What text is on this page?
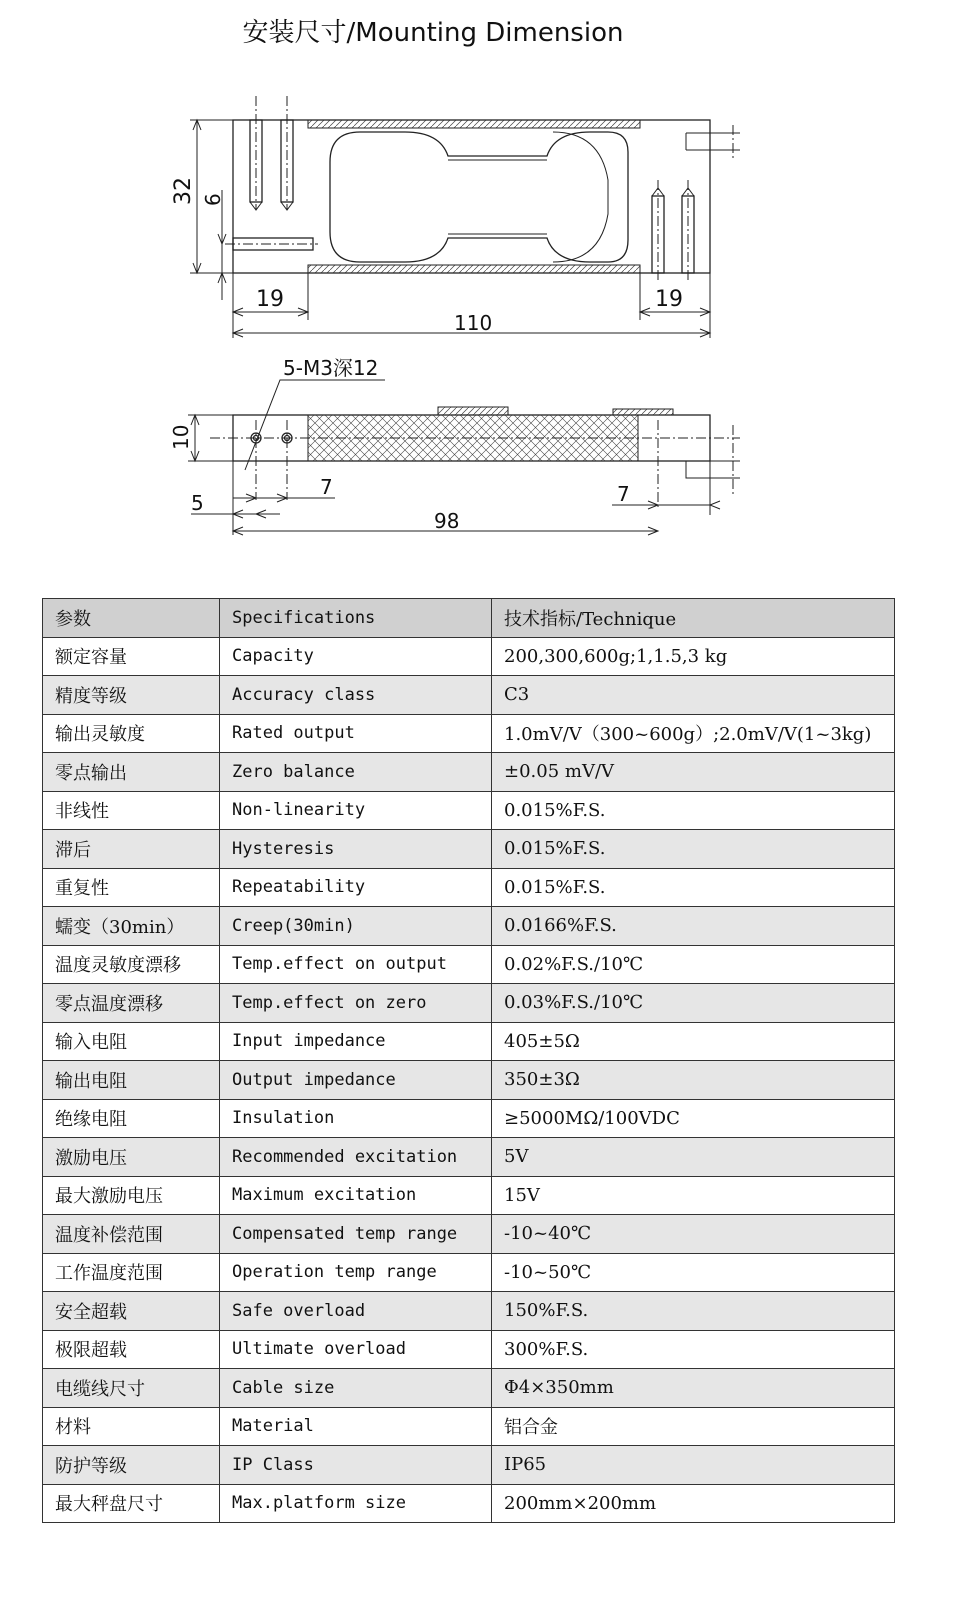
安装尺寸/Mounting Dimension
32 6
19	19
110
5-M3深12
10
5
7	7
98
参数	Specifications	技术指标/Technique
额定容量	Capacity	200,300,600g;1,1.5,3 kg
精度等级	Accuracy class	C3
输出灵敏度	Rated output	1.0mV/V（300~600g）;2.0mV/V(1~3kg)
零点输出	Zero balance	±0.05 mV/V
非线性	Non-linearity	0.015%F.S.
滞后	Hysteresis	0.015%F.S.
重复性	Repeatability	0.015%F.S.
蠕变（30min）	Creep(30min)	0.0166%F.S.
温度灵敏度漂移	Temp.effect on output	0.02%F.S./10℃
零点温度漂移	Temp.effect on zero	0.03%F.S./10℃
输入电阻	Input impedance	405±5Ω
输出电阻	Output impedance	350±3Ω
绝缘电阻	Insulation	≥5000MΩ/100VDC
激励电压	Recommended excitation	5V
最大激励电压	Maximum excitation	15V
温度补偿范围	Compensated temp range	-10~40℃
工作温度范围	Operation temp range	-10~50℃
安全超载	Safe overload	150%F.S.
极限超载	Ultimate overload	300%F.S.
电缆线尺寸	Cable size	Φ4×350mm
材料	Material	铝合金
防护等级	IP Class	IP65
最大秤盘尺寸	Max.platform size	200mm×200mm
